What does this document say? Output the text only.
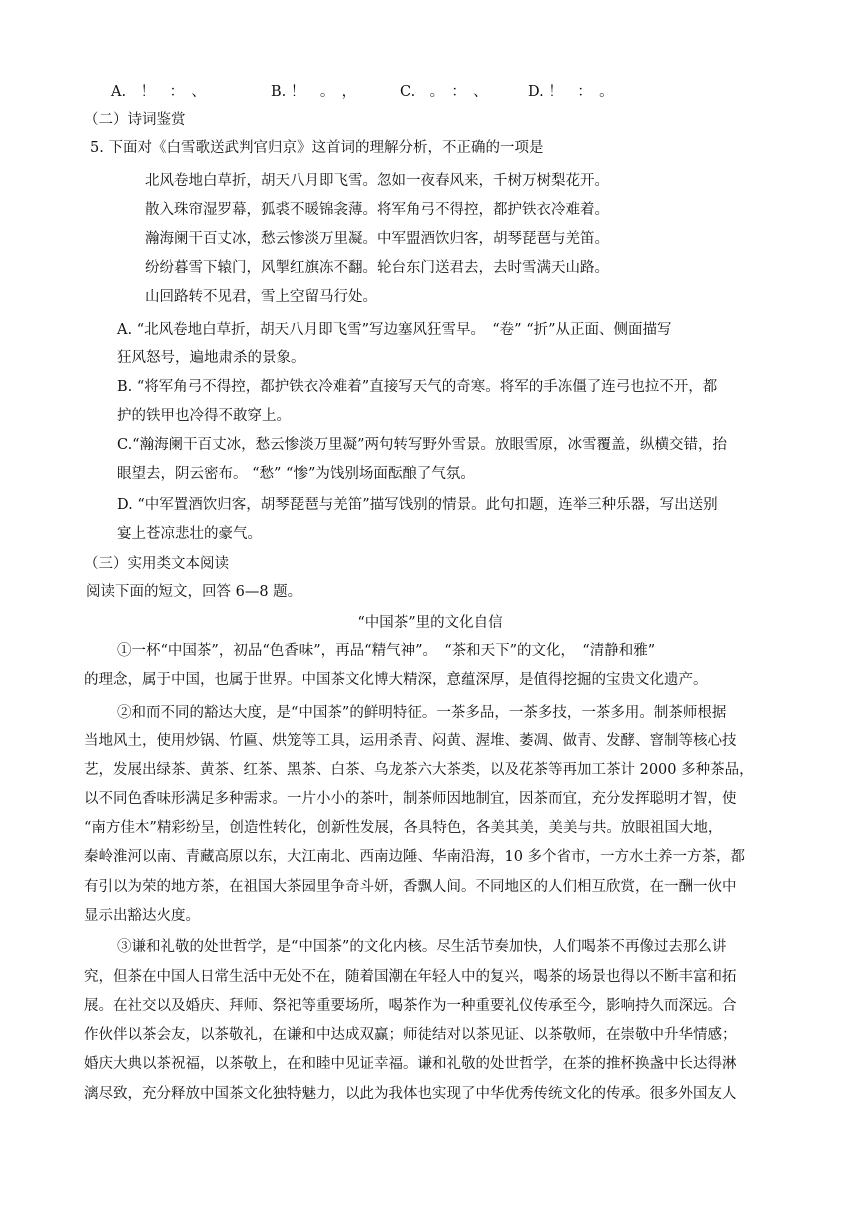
A.　！　：　、	B. ！　。　，	C.　。　：　、	D. ！　：　。
（二）诗词鉴赏
5. 下面对《白雪歌送武判官归京》这首词的理解分析，不正确的一项是
北风卷地白草折，胡天八月即飞雪。忽如一夜春风来，千树万树梨花开。
散入珠帘湿罗幕，狐裘不暖锦衾薄。将军角弓不得控，都护铁衣冷难着。
瀚海阑干百丈冰，愁云惨淡万里凝。中军盟酒饮归客，胡琴琵琶与羌笛。
纷纷暮雪下辕门，风掣红旗冻不翻。轮台东门送君去，去时雪满天山路。
山回路转不见君，雪上空留马行处。
A. “北风卷地白草折，胡天八月即飞雪”写边塞风狂雪早。　“卷” “折”从正面、侧面描写
狂风怒号，遍地肃杀的景象。
B. “将军角弓不得控，都护铁衣冷难着”直接写天气的奇寒。将军的手冻僵了连弓也拉不开，都
护的铁甲也冷得不敢穿上。
C.“瀚海阑干百丈冰，愁云惨淡万里凝”两句转写野外雪景。放眼雪原，冰雪覆盖，纵横交错，抬
眼望去，阴云密布。 “愁” “惨”为饯别场面酝酿了气氛。
D. “中军置酒饮归客，胡琴琵琶与羌笛”描写饯别的情景。此句扣题，连举三种乐器，写出送别
宴上苍凉悲壮的豪气。
（三）实用类文本阅读
阅读下面的短文，回答 6—8 题。
“中国茶”里的文化自信
①一杯“中国茶”，初品“色香味”，再品“精气神”。　“茶和天下”的文化，　“清静和雅”
的理念，属于中国，也属于世界。中国茶文化博大精深，意蕴深厚，是值得挖掘的宝贵文化遗产。
②和而不同的豁达大度，是“中国茶”的鲜明特征。一茶多品，一茶多技，一茶多用。制茶师根据
当地风土，使用炒锅、竹匾、烘笼等工具，运用杀青、闷黄、渥堆、萎凋、做青、发酵、窨制等核心技
艺，发展出绿茶、黄茶、红茶、黑茶、白茶、乌龙茶六大茶类，以及花茶等再加工茶计 2000 多种茶品，
以不同色香味形满足多种需求。一片小小的茶叶，制茶师因地制宜，因茶而宜，充分发挥聪明才智，使
“南方佳木”精彩纷呈，创造性转化，创新性发展，各具特色，各美其美，美美与共。放眼祖国大地，
秦岭淮河以南、青藏高原以东，大江南北、西南边陲、华南沿海，10 多个省市，一方水土养一方茶，都
有引以为荣的地方茶，在祖国大茶园里争奇斗妍，香飘人间。不同地区的人们相互欣赏，在一酬一伙中
显示出豁达火度。
③谦和礼敬的处世哲学，是“中国茶”的文化内核。尽生活节奏加快，人们喝茶不再像过去那么讲
究，但茶在中国人日常生活中无处不在，随着国潮在年轻人中的复兴，喝茶的场景也得以不断丰富和拓
展。在社交以及婚庆、拜师、祭祀等重要场所，喝茶作为一种重要礼仪传承至今，影响持久而深远。合
作伙伴以茶会友，以茶敬礼，在谦和中达成双赢；师徒结对以茶见证、以茶敬师，在崇敬中升华情感；
婚庆大典以茶祝福，以茶敬上，在和睦中见证幸福。谦和礼敬的处世哲学，在茶的推杯换盏中长达得淋
漓尽致，充分释放中国茶文化独特魅力，以此为我体也实现了中华优秀传统文化的传承。很多外国友人
